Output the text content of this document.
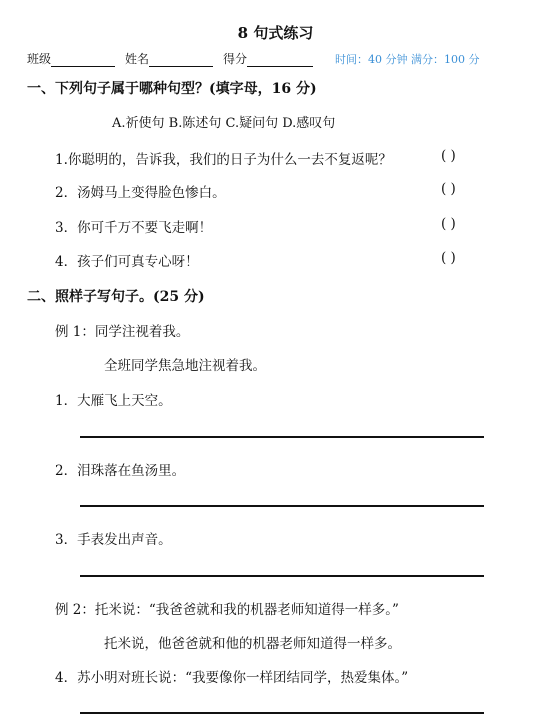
8 句式练习
班级	姓名	得分	时间：40 分钟 满分：100 分
一、下列句子属于哪种句型？(填字母，16 分)
A.祈使句 B.陈述句 C.疑问句 D.感叹句
1.你聪明的，告诉我，我们的日子为什么一去不复返呢？	( )
2．汤姆马上变得脸色惨白。	( )
3．你可千万不要飞走啊！	( )
4．孩子们可真专心呀！	( )
二、照样子写句子。(25 分)
例 1：同学注视着我。
全班同学焦急地注视着我。
1．大雁飞上天空。
2．泪珠落在鱼汤里。
3．手表发出声音。
例 2：托米说：“我爸爸就和我的机器老师知道得一样多。”
托米说，他爸爸就和他的机器老师知道得一样多。
4．苏小明对班长说：“我要像你一样团结同学，热爱集体。”
